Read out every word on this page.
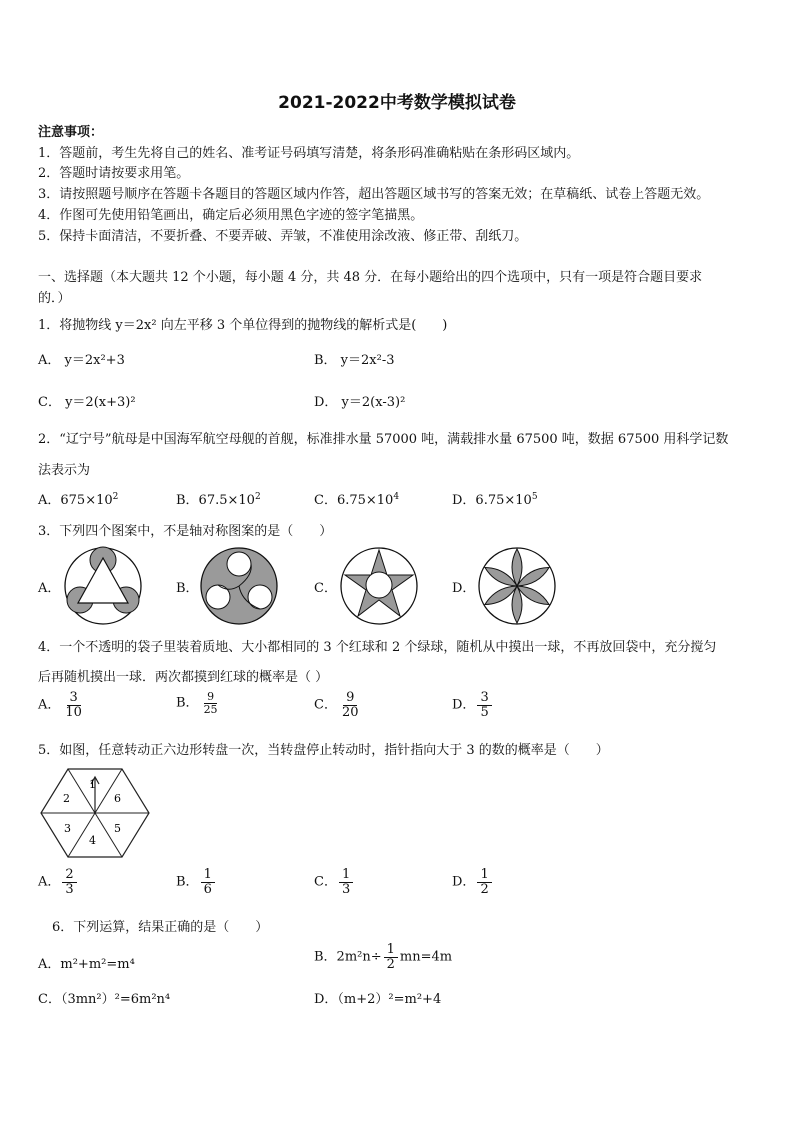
2021-2022中考数学模拟试卷
注意事项：
1．答题前，考生先将自己的姓名、准考证号码填写清楚，将条形码准确粘贴在条形码区域内。
2．答题时请按要求用笔。
3．请按照题号顺序在答题卡各题目的答题区域内作答，超出答题区域书写的答案无效；在草稿纸、试卷上答题无效。
4．作图可先使用铅笔画出，确定后必须用黑色字迹的签字笔描黑。
5．保持卡面清洁，不要折叠、不要弄破、弄皱，不准使用涂改液、修正带、刮纸刀。
一、选择题（本大题共 12 个小题，每小题 4 分，共 48 分．在每小题给出的四个选项中，只有一项是符合题目要求
的．）
1．将抛物线 y＝2x² 向左平移 3 个单位得到的抛物线的解析式是(　　)
A． y＝2x²+3	B． y＝2x²-3
C． y＝2(x+3)²	D． y＝2(x-3)²
2．“辽宁号”航母是中国海军航空母舰的首舰，标准排水量 57000 吨，满载排水量 67500 吨，数据 67500 用科学记数
法表示为
A．$675\times 10^2$	B．$67.5\times 10^2$	C．$6.75\times 10^4$	D．$6.75\times 10^5$
3．下列四个图案中，不是轴对称图案的是（　　）
A．	B．	C．	D．
4．一个不透明的袋子里装着质地、大小都相同的 3 个红球和 2 个绿球，随机从中摸出一球，不再放回袋中，充分搅匀
后再随机摸出一球．两次都摸到红球的概率是（ ）
A． $\frac{3}{10}$	B． $\frac{9}{25}$	C． $\frac{9}{20}$	D． $\frac{3}{5}$
5．如图，任意转动正六边形转盘一次，当转盘停止转动时，指针指向大于 3 的数的概率是（　　）
1
6
5
4
3
2
A． $\frac{2}{3}$	B． $\frac{1}{6}$	C． $\frac{1}{3}$	D． $\frac{1}{2}$
6．下列运算，结果正确的是（　　）
A．m²+m²=m⁴	B．$2m^2n\div \frac{1}{2} mn=4m$
C．（3mn²）²=6m²n⁴	D．（m+2）²=m²+4
